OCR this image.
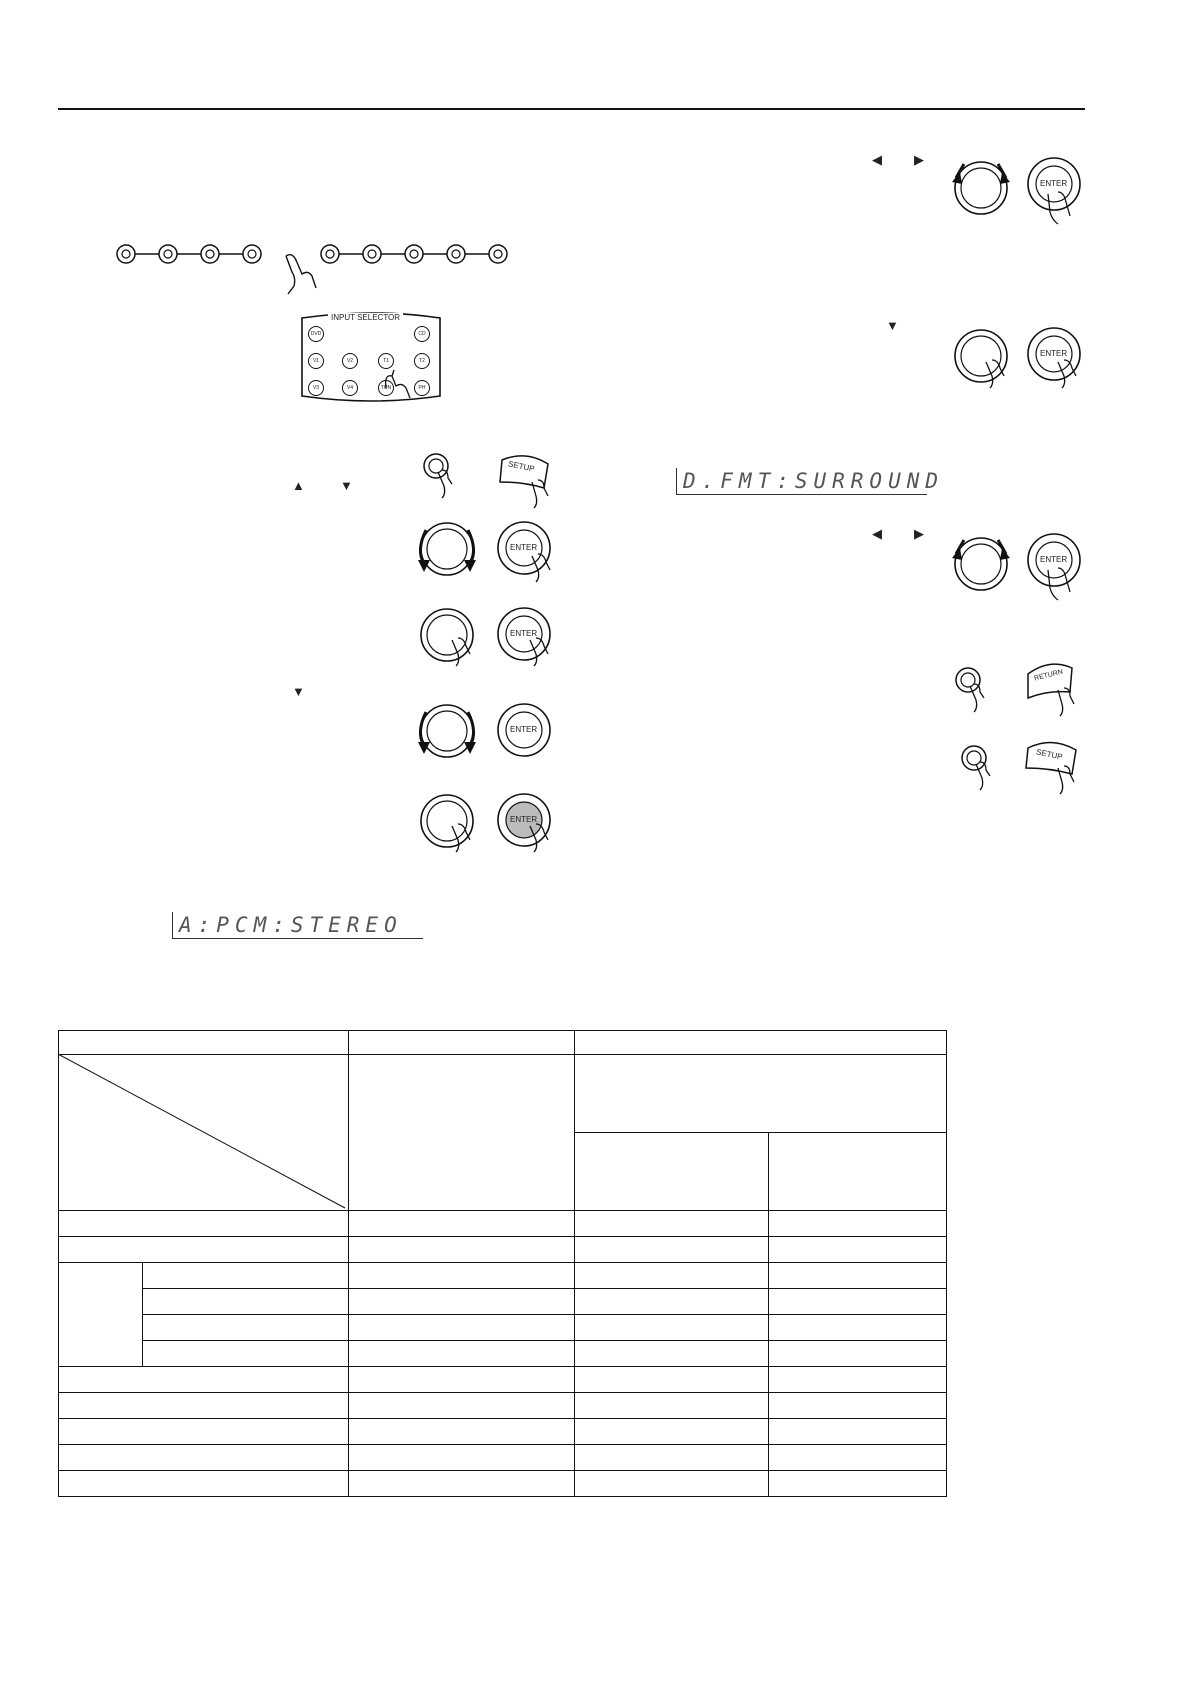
INPUT SELECTOR
DVD	CD
V1	V2	T1	T2
V3	V4	TUN	PH
▲	▼
▼
SETUP
ENTER
ENTER
ENTER
ENTER
◀ ▶
ENTER
▼
ENTER
D.FMT:SURROUND
◀ ▶
ENTER
RETURN
SETUP
A:PCM:STEREO
